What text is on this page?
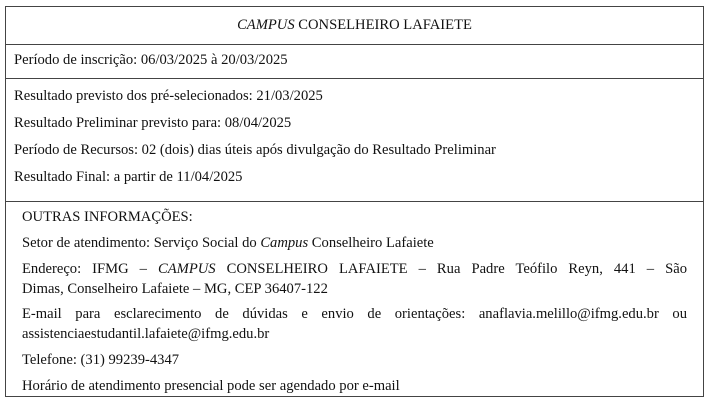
CAMPUS CONSELHEIRO LAFAIETE
Período de inscrição: 06/03/2025 à 20/03/2025
Resultado previsto dos pré-selecionados: 21/03/2025
Resultado Preliminar previsto para: 08/04/2025
Período de Recursos: 02 (dois) dias úteis após divulgação do Resultado Preliminar
Resultado Final: a partir de 11/04/2025
OUTRAS INFORMAÇÕES:
Setor de atendimento: Serviço Social do Campus Conselheiro Lafaiete
Endereço: IFMG – CAMPUS CONSELHEIRO LAFAIETE – Rua Padre Teófilo Reyn, 441 – São
Dimas, Conselheiro Lafaiete – MG, CEP 36407-122
E-mail para esclarecimento de dúvidas e envio de orientações: anaflavia.melillo@ifmg.edu.br ou
assistenciaestudantil.lafaiete@ifmg.edu.br
Telefone: (31) 99239-4347
Horário de atendimento presencial pode ser agendado por e-mail
